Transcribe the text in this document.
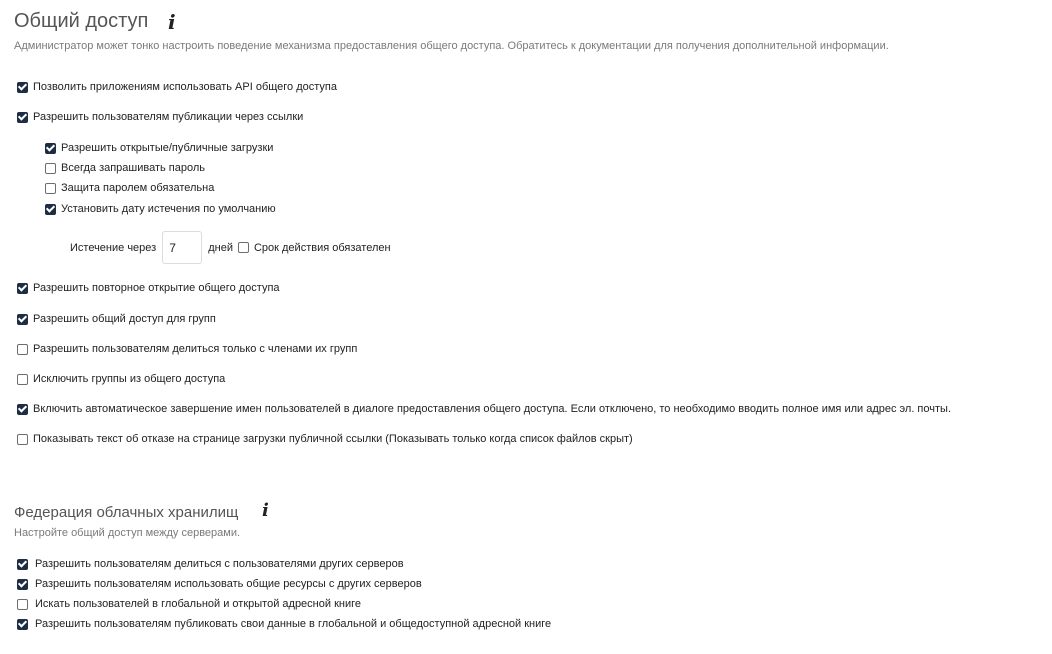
Общий доступ i
Администратор может тонко настроить поведение механизма предоставления общего доступа. Обратитесь к документации для получения дополнительной информации.
Позволить приложениям использовать API общего доступа
Разрешить пользователям публикации через ссылки
Разрешить открытые/публичные загрузки
Всегда запрашивать пароль
Защита паролем обязательна
Установить дату истечения по умолчанию
Истечение через
7	дней Срок действия обязателен
Разрешить повторное открытие общего доступа
Разрешить общий доступ для групп
Разрешить пользователям делиться только с членами их групп
Исключить группы из общего доступа
Включить автоматическое завершение имен пользователей в диалоге предоставления общего доступа. Если отключено, то необходимо вводить полное имя или адрес эл. почты.
Показывать текст об отказе на странице загрузки публичной ссылки (Показывать только когда список файлов скрыт)
Федерация облачных хранилищ i
Настройте общий доступ между серверами.
Разрешить пользователям делиться с пользователями других серверов
Разрешить пользователям использовать общие ресурсы с других серверов
Искать пользователей в глобальной и открытой адресной книге
Разрешить пользователям публиковать свои данные в глобальной и общедоступной адресной книге
